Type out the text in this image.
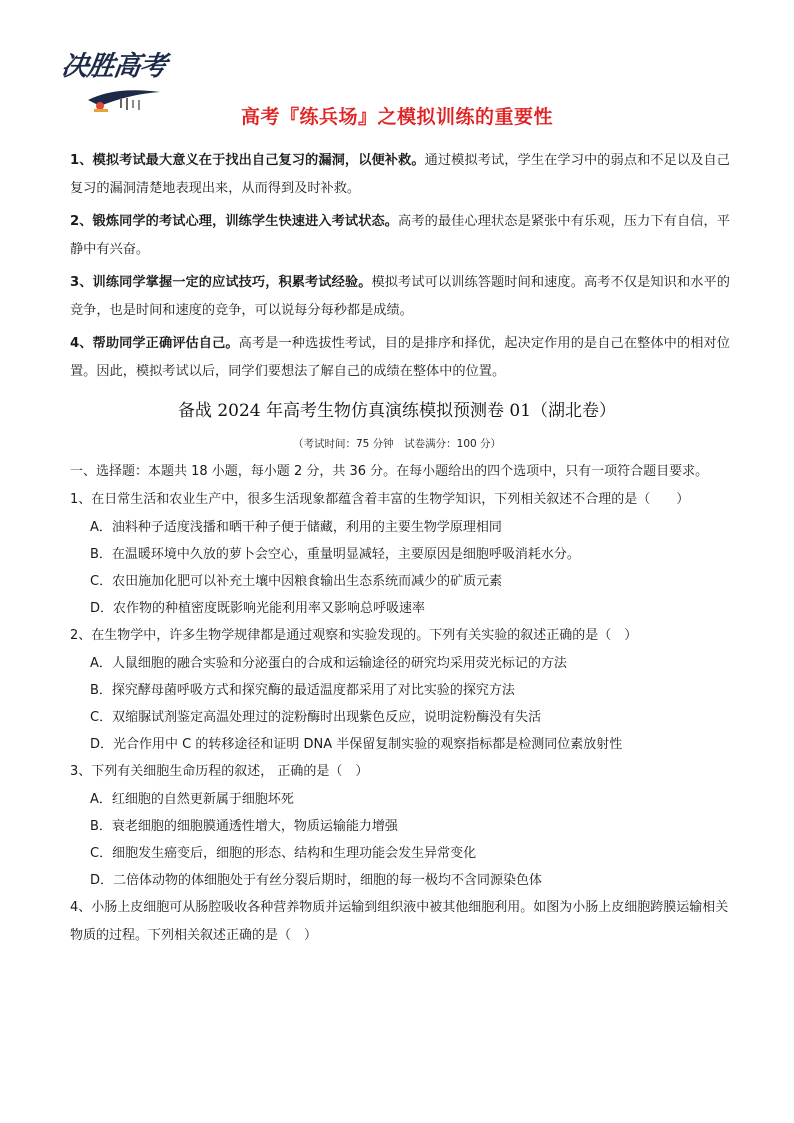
决胜高考
高考『练兵场』之模拟训练的重要性

1、模拟考试最大意义在于找出自己复习的漏洞，以便补救。通过模拟考试，学生在学习中的弱点和不足以及自己复习的漏洞清楚地表现出来，从而得到及时补救。

2、锻炼同学的考试心理，训练学生快速进入考试状态。高考的最佳心理状态是紧张中有乐观，压力下有自信，平静中有兴奋。

3、训练同学掌握一定的应试技巧，积累考试经验。模拟考试可以训练答题时间和速度。高考不仅是知识和水平的竞争，也是时间和速度的竞争，可以说每分每秒都是成绩。

4、帮助同学正确评估自己。高考是一种选拔性考试，目的是排序和择优，起决定作用的是自己在整体中的相对位置。因此，模拟考试以后，同学们要想法了解自己的成绩在整体中的位置。

备战 2024 年高考生物仿真演练模拟预测卷 01（湖北卷）
（考试时间：75 分钟　试卷满分：100 分）

一、选择题：本题共 18 小题，每小题 2 分，共 36 分。在每小题给出的四个选项中，只有一项符合题目要求。

1、在日常生活和农业生产中，很多生活现象都蕴含着丰富的生物学知识，下列相关叙述不合理的是（　　）

A．油料种子适度浅播和晒干种子便于储藏，利用的主要生物学原理相同

B．在温暖环境中久放的萝卜会空心，重量明显减轻，主要原因是细胞呼吸消耗水分。

C．农田施加化肥可以补充土壤中因粮食输出生态系统而减少的矿质元素

D．农作物的种植密度既影响光能利用率又影响总呼吸速率

2、在生物学中，许多生物学规律都是通过观察和实验发现的。下列有关实验的叙述正确的是（　）

A．人鼠细胞的融合实验和分泌蛋白的合成和运输途径的研究均采用荧光标记的方法

B．探究酵母菌呼吸方式和探究酶的最适温度都采用了对比实验的探究方法

C．双缩脲试剂鉴定高温处理过的淀粉酶时出现紫色反应，说明淀粉酶没有失活

D．光合作用中 C 的转移途径和证明 DNA 半保留复制实验的观察指标都是检测同位素放射性

3、下列有关细胞生命历程的叙述， 正确的是（　）

A．红细胞的自然更新属于细胞坏死

B．衰老细胞的细胞膜通透性增大，物质运输能力增强

C．细胞发生癌变后，细胞的形态、结构和生理功能会发生异常变化

D．二倍体动物的体细胞处于有丝分裂后期时，细胞的每一极均不含同源染色体

4、小肠上皮细胞可从肠腔吸收各种营养物质并运输到组织液中被其他细胞利用。如图为小肠上皮细胞跨膜运输相关物质的过程。下列相关叙述正确的是（　）
